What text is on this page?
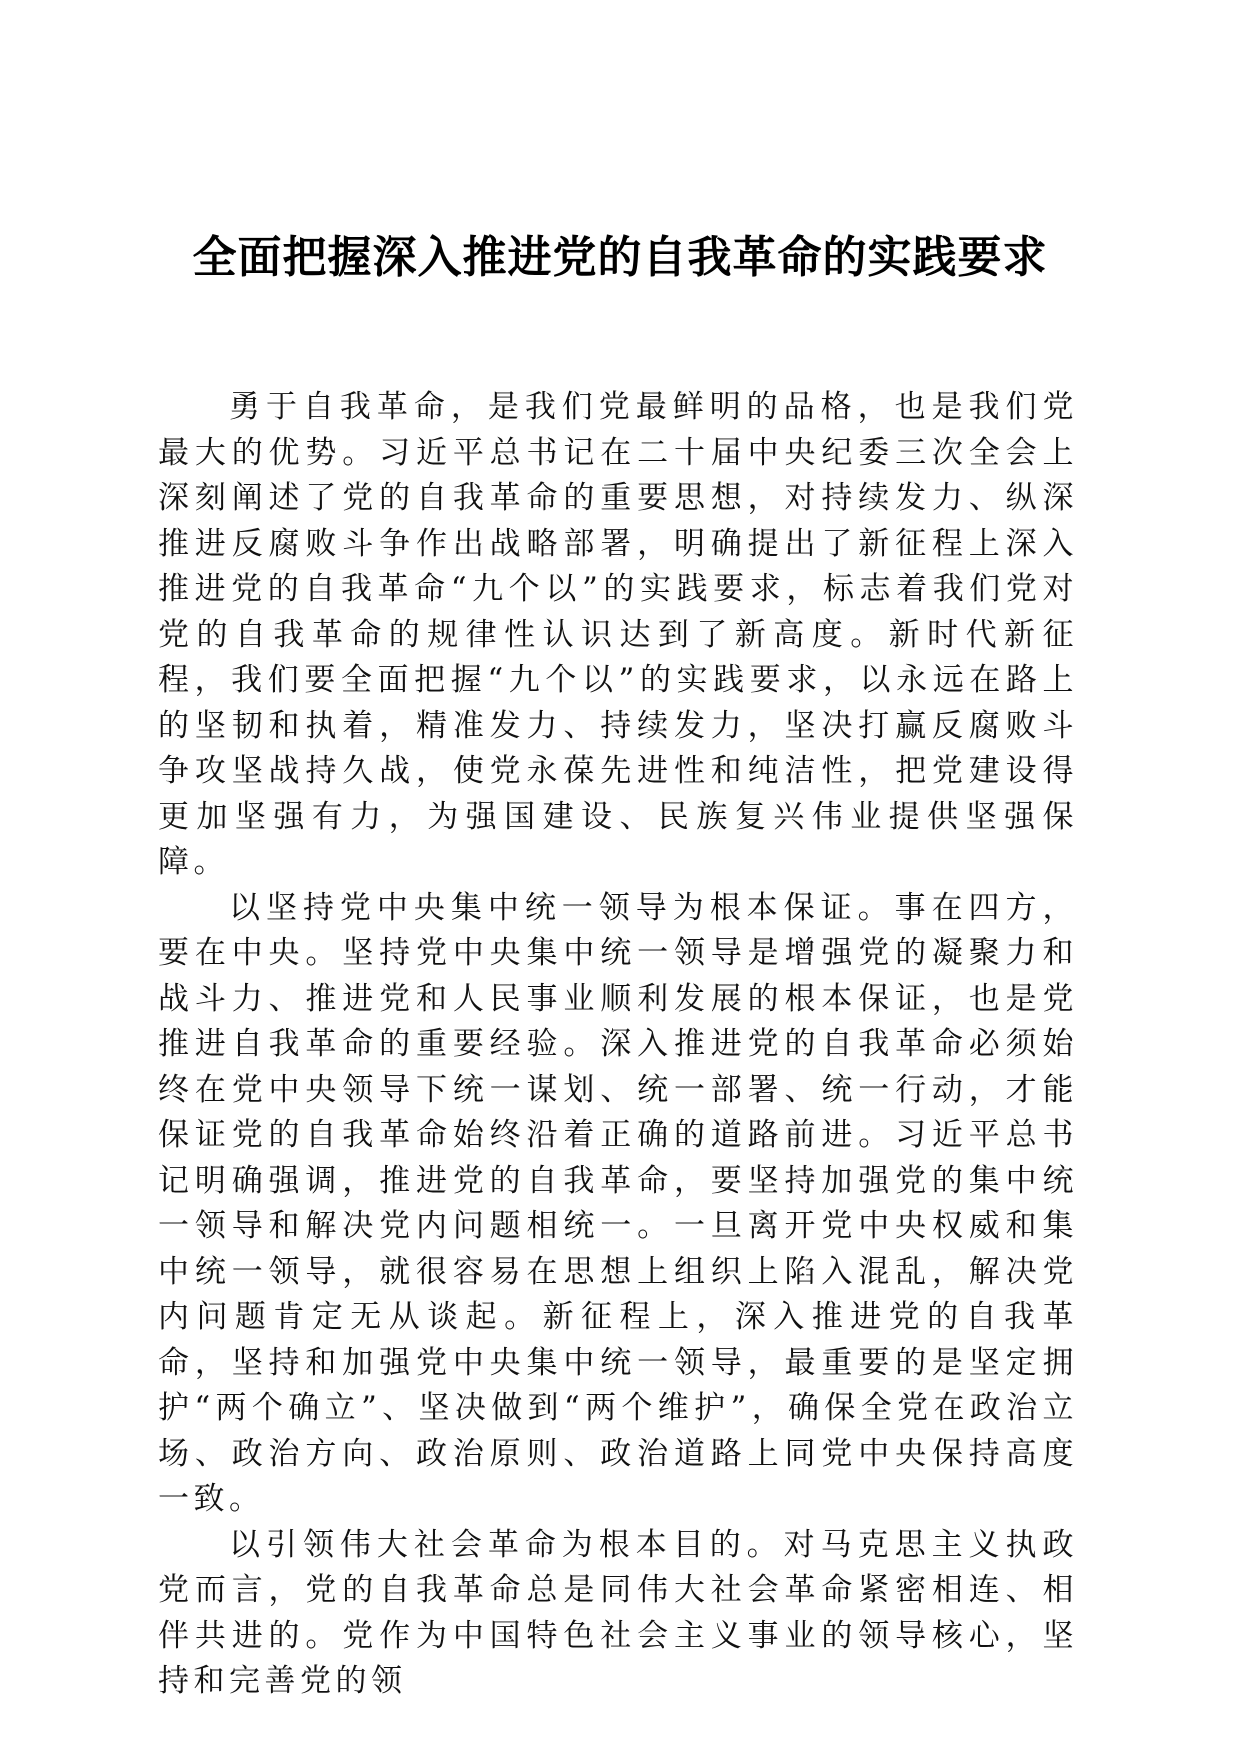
全面把握深入推进党的自我革命的实践要求

勇于自我革命，是我们党最鲜明的品格，也是我们党最大的优势。习近平总书记在二十届中央纪委三次全会上深刻阐述了党的自我革命的重要思想，对持续发力、纵深推进反腐败斗争作出战略部署，明确提出了新征程上深入推进党的自我革命“九个以”的实践要求，标志着我们党对党的自我革命的规律性认识达到了新高度。新时代新征程，我们要全面把握“九个以”的实践要求，以永远在路上的坚韧和执着，精准发力、持续发力，坚决打赢反腐败斗争攻坚战持久战，使党永葆先进性和纯洁性，把党建设得更加坚强有力，为强国建设、民族复兴伟业提供坚强保障。

以坚持党中央集中统一领导为根本保证。事在四方，要在中央。坚持党中央集中统一领导是增强党的凝聚力和战斗力、推进党和人民事业顺利发展的根本保证，也是党推进自我革命的重要经验。深入推进党的自我革命必须始终在党中央领导下统一谋划、统一部署、统一行动，才能保证党的自我革命始终沿着正确的道路前进。习近平总书记明确强调，推进党的自我革命，要坚持加强党的集中统一领导和解决党内问题相统一。一旦离开党中央权威和集中统一领导，就很容易在思想上组织上陷入混乱，解决党内问题肯定无从谈起。新征程上，深入推进党的自我革命，坚持和加强党中央集中统一领导，最重要的是坚定拥护“两个确立”、坚决做到“两个维护”，确保全党在政治立场、政治方向、政治原则、政治道路上同党中央保持高度一致。

以引领伟大社会革命为根本目的。对马克思主义执政党而言，党的自我革命总是同伟大社会革命紧密相连、相伴共进的。党作为中国特色社会主义事业的领导核心，坚持和完善党的领
